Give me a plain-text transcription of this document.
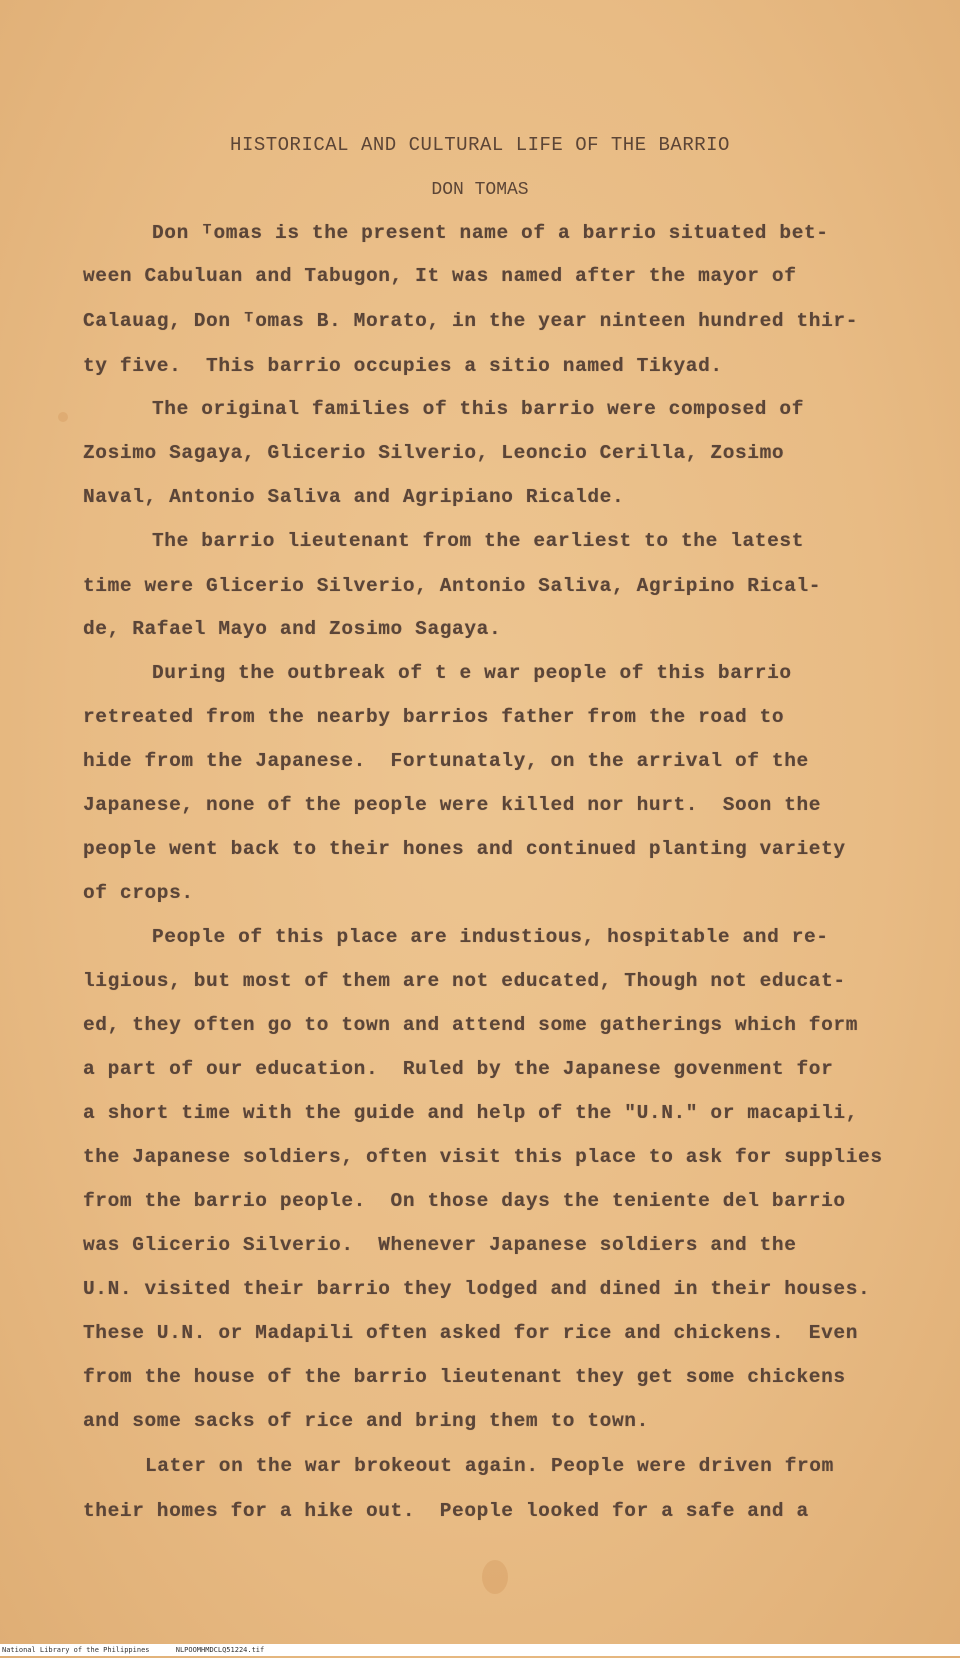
HISTORICAL AND CULTURAL LIFE OF THE BARRIO
DON TOMAS
Don ᵀomas is the present name of a barrio situated bet-
ween Cabuluan and Tabugon, It was named after the mayor of
Calauag, Don ᵀomas B. Morato, in the year ninteen hundred thir-
ty five.  This barrio occupies a sitio named Tikyad.
The original families of this barrio were composed of
Zosimo Sagaya, Glicerio Silverio, Leoncio Cerilla, Zosimo
Naval, Antonio Saliva and Agripiano Ricalde.
The barrio lieutenant from the earliest to the latest
time were Glicerio Silverio, Antonio Saliva, Agripino Rical-
de, Rafael Mayo and Zosimo Sagaya.
During the outbreak of t e war people of this barrio
retreated from the nearby barrios father from the road to
hide from the Japanese.  Fortunataly, on the arrival of the
Japanese, none of the people were killed nor hurt.  Soon the
people went back to their hones and continued planting variety
of crops.
People of this place are industious, hospitable and re-
ligious, but most of them are not educated, Though not educat-
ed, they often go to town and attend some gatherings which form
a part of our education.  Ruled by the Japanese govenment for
a short time with the guide and help of the "U.N." or macapili,
the Japanese soldiers, often visit this place to ask for supplies
from the barrio people.  On those days the teniente del barrio
was Glicerio Silverio.  Whenever Japanese soldiers and the
U.N. visited their barrio they lodged and dined in their houses.
These U.N. or Madapili often asked for rice and chickens.  Even
from the house of the barrio lieutenant they get some chickens
and some sacks of rice and bring them to town.
Later on the war brokeout again. People were driven from
their homes for a hike out.  People looked for a safe and a
National Library of the Philippines	NLPOOMHMDCLQ51224.tif
